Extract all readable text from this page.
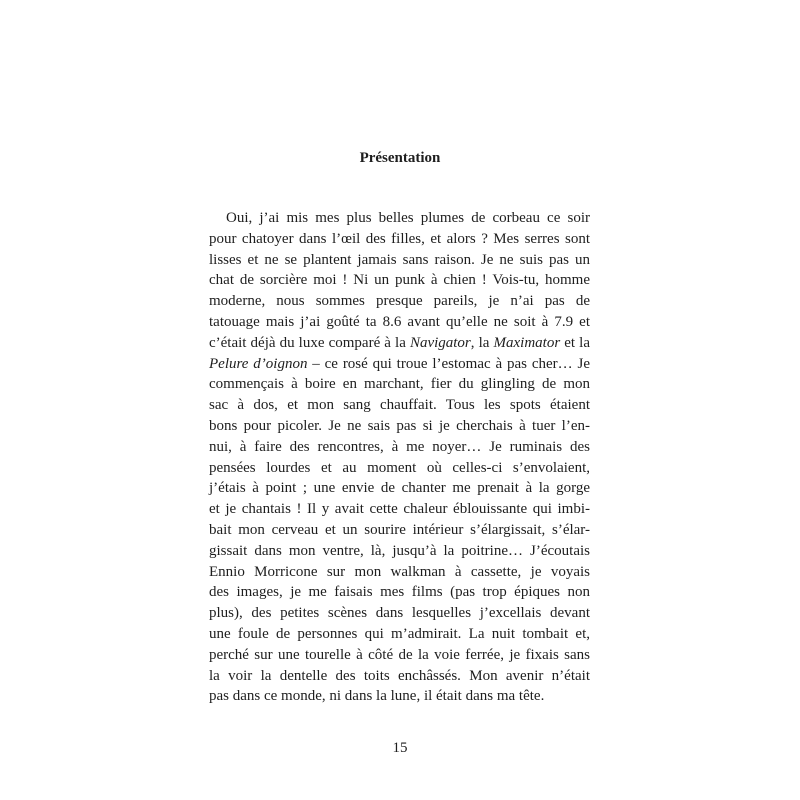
Présentation
Oui, j’ai mis mes plus belles plumes de corbeau ce soir
pour chatoyer dans l’œil des filles, et alors ? Mes serres sont
lisses et ne se plantent jamais sans raison. Je ne suis pas un
chat de sorcière moi ! Ni un punk à chien ! Vois-tu, homme
moderne, nous sommes presque pareils, je n’ai pas de
tatouage mais j’ai goûté ta 8.6 avant qu’elle ne soit à 7.9 et
c’était déjà du luxe comparé à la Navigator, la Maximator et la
Pelure d’oignon – ce rosé qui troue l’estomac à pas cher… Je
commençais à boire en marchant, fier du glingling de mon
sac à dos, et mon sang chauffait. Tous les spots étaient
bons pour picoler. Je ne sais pas si je cherchais à tuer l’en-
nui, à faire des rencontres, à me noyer… Je ruminais des
pensées lourdes et au moment où celles-ci s’envolaient,
j’étais à point ; une envie de chanter me prenait à la gorge
et je chantais ! Il y avait cette chaleur éblouissante qui imbi-
bait mon cerveau et un sourire intérieur s’élargissait, s’élar-
gissait dans mon ventre, là, jusqu’à la poitrine… J’écoutais
Ennio Morricone sur mon walkman à cassette, je voyais
des images, je me faisais mes films (pas trop épiques non
plus), des petites scènes dans lesquelles j’excellais devant
une foule de personnes qui m’admirait. La nuit tombait et,
perché sur une tourelle à côté de la voie ferrée, je fixais sans
la voir la dentelle des toits enchâssés. Mon avenir n’était
pas dans ce monde, ni dans la lune, il était dans ma tête.
15
